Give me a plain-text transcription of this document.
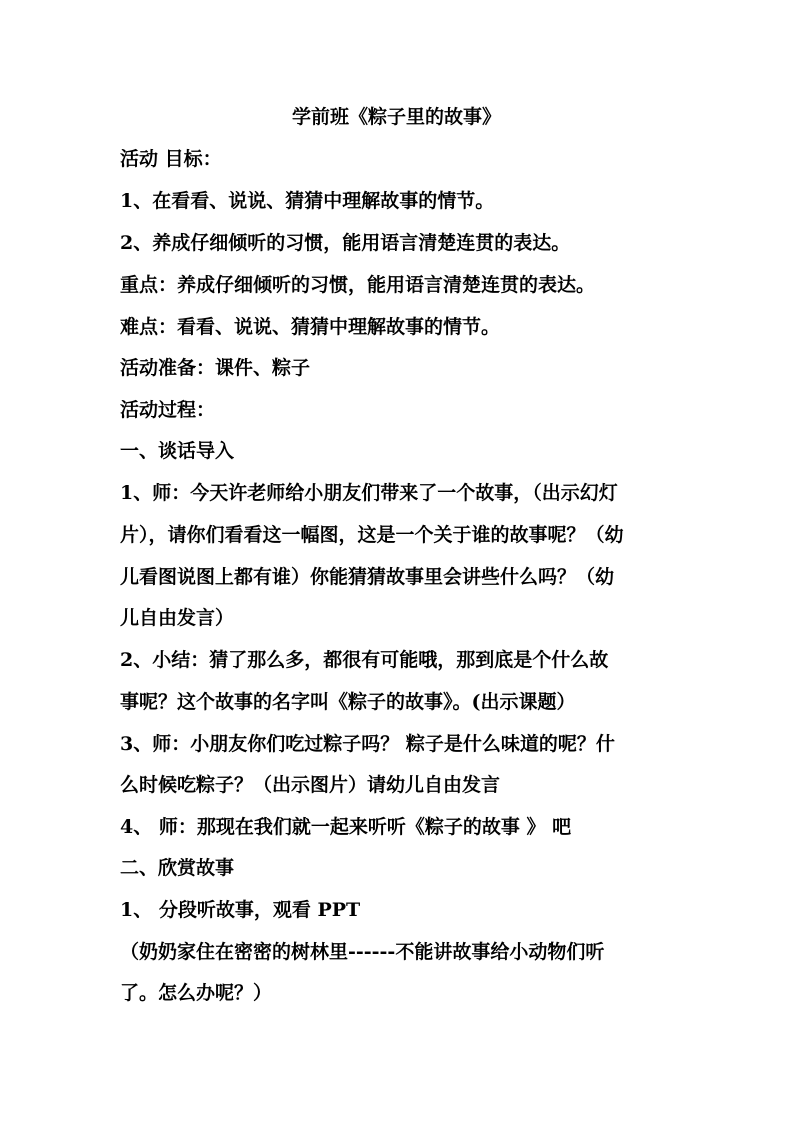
学前班《粽子里的故事》
活动 目标：
1、在看看、说说、猜猜中理解故事的情节。
2、养成仔细倾听的习惯，能用语言清楚连贯的表达。
重点：养成仔细倾听的习惯，能用语言清楚连贯的表达。
难点：看看、说说、猜猜中理解故事的情节。
活动准备：课件、粽子
活动过程：
一、谈话导入
1、师：今天许老师给小朋友们带来了一个故事，（出示幻灯
片），请你们看看这一幅图，这是一个关于谁的故事呢？（幼
儿看图说图上都有谁）你能猜猜故事里会讲些什么吗？（幼
儿自由发言）
2、小结：猜了那么多，都很有可能哦，那到底是个什么故
事呢？这个故事的名字叫《粽子的故事》。(出示课题）
3、师：小朋友你们吃过粽子吗？ 粽子是什么味道的呢？什
么时候吃粽子？（出示图片）请幼儿自由发言
4、 师：那现在我们就一起来听听《粽子的故事 》 吧
二、欣赏故事
1、 分段听故事，观看 PPT
（奶奶家住在密密的树林里------不能讲故事给小动物们听
了。怎么办呢？）
